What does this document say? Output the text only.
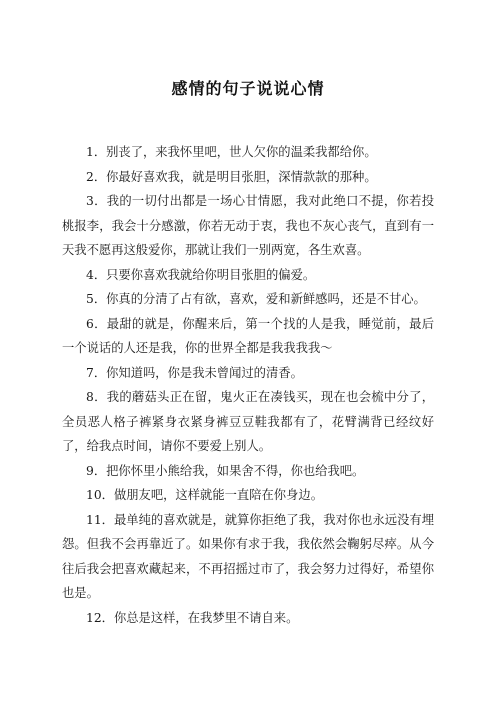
感情的句子说说心情

1．别丧了，来我怀里吧，世人欠你的温柔我都给你。

2．你最好喜欢我，就是明目张胆，深情款款的那种。

3．我的一切付出都是一场心甘情愿，我对此绝口不提，你若投桃报李，我会十分感激，你若无动于衷，我也不灰心丧气，直到有一天我不愿再这般爱你，那就让我们一别两宽，各生欢喜。

4．只要你喜欢我就给你明目张胆的偏爱。

5．你真的分清了占有欲，喜欢，爱和新鲜感吗，还是不甘心。

6．最甜的就是，你醒来后，第一个找的人是我，睡觉前，最后一个说话的人还是我，你的世界全都是我我我我～

7．你知道吗，你是我未曾闻过的清香。

8．我的蘑菇头正在留，鬼火正在凑钱买，现在也会梳中分了，全员恶人格子裤紧身衣紧身裤豆豆鞋我都有了，花臂满背已经纹好了，给我点时间，请你不要爱上别人。

9．把你怀里小熊给我，如果舍不得，你也给我吧。

10．做朋友吧，这样就能一直陪在你身边。

11．最单纯的喜欢就是，就算你拒绝了我，我对你也永远没有埋怨。但我不会再靠近了。如果你有求于我，我依然会鞠躬尽瘁。从今往后我会把喜欢藏起来，不再招摇过市了，我会努力过得好，希望你也是。

12．你总是这样，在我梦里不请自来。
